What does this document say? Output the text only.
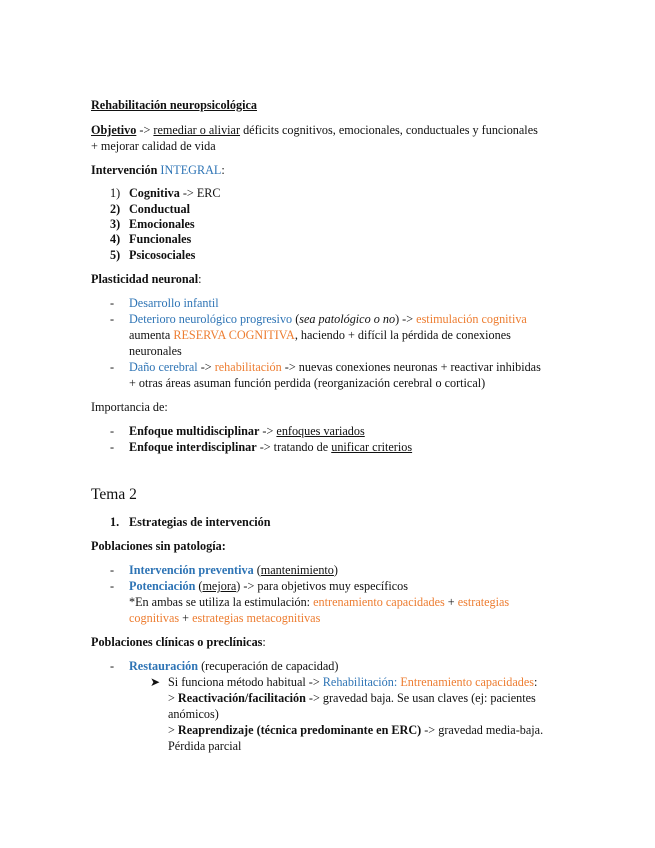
Rehabilitación neuropsicológica
Objetivo -> remediar o aliviar déficits cognitivos, emocionales, conductuales y funcionales
+ mejorar calidad de vida
Intervención INTEGRAL:
1) Cognitiva -> ERC
2) Conductual
3) Emocionales
4) Funcionales
5) Psicosociales
Plasticidad neuronal:
- Desarrollo infantil
- Deterioro neurológico progresivo (sea patológico o no) -> estimulación cognitiva
aumenta RESERVA COGNITIVA, haciendo + difícil la pérdida de conexiones
neuronales
- Daño cerebral -> rehabilitación -> nuevas conexiones neuronas + reactivar inhibidas
+ otras áreas asuman función perdida (reorganización cerebral o cortical)
Importancia de:
- Enfoque multidisciplinar -> enfoques variados
- Enfoque interdisciplinar -> tratando de unificar criterios
Tema 2
1. Estrategias de intervención
Poblaciones sin patología:
- Intervención preventiva (mantenimiento)
- Potenciación (mejora) -> para objetivos muy específicos
*En ambas se utiliza la estimulación: entrenamiento capacidades + estrategias
cognitivas + estrategias metacognitivas
Poblaciones clínicas o preclínicas:
- Restauración (recuperación de capacidad)
➤ Si funciona método habitual -> Rehabilitación: Entrenamiento capacidades:
> Reactivación/facilitación -> gravedad baja. Se usan claves (ej: pacientes
anómicos)
> Reaprendizaje (técnica predominante en ERC) -> gravedad media-baja.
Pérdida parcial
